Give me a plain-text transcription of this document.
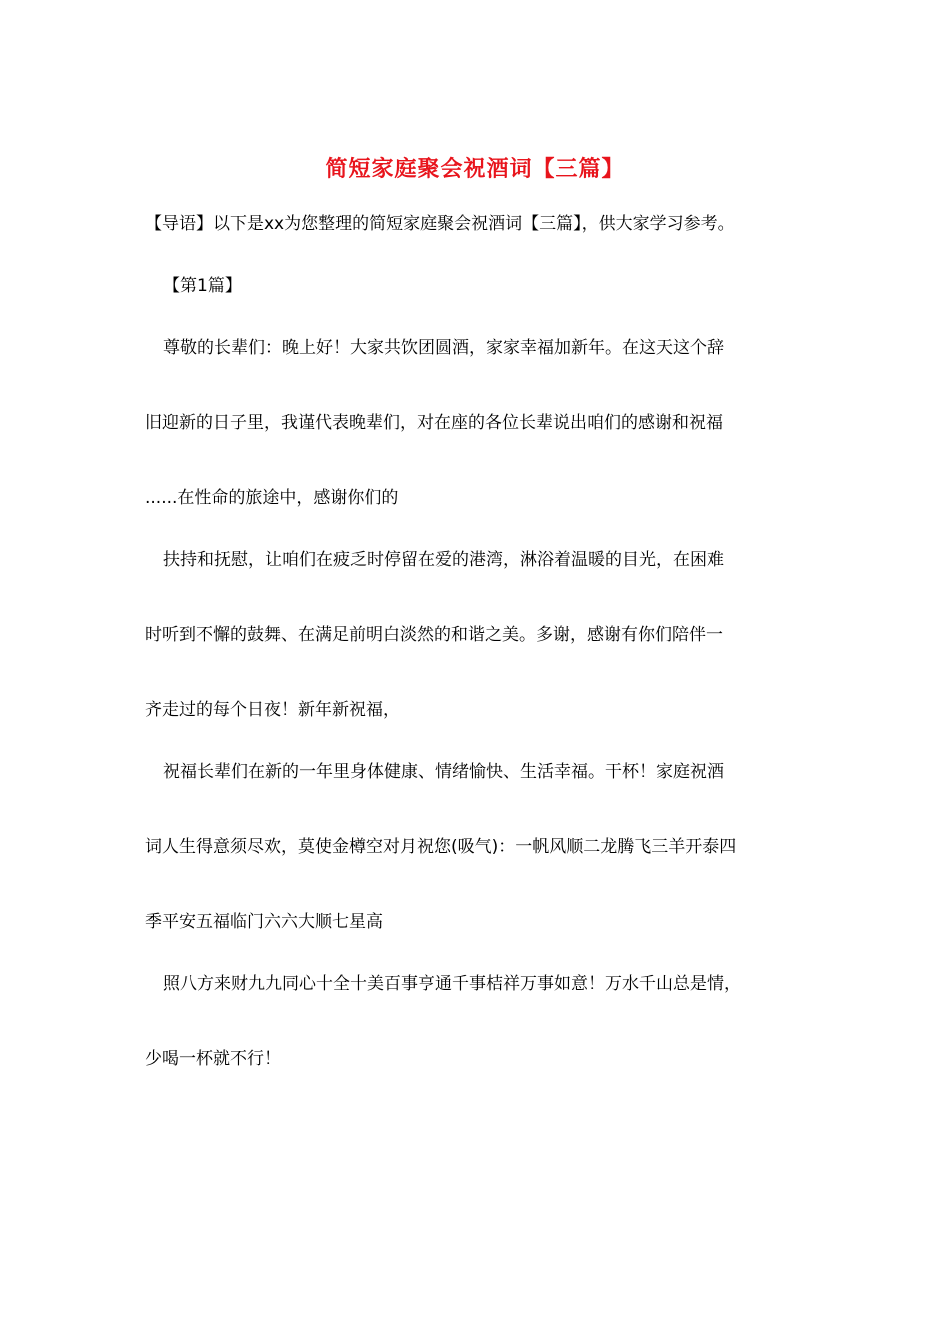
简短家庭聚会祝酒词【三篇】
【导语】以下是xx为您整理的简短家庭聚会祝酒词【三篇】，供大家学习参考。
【第1篇】
尊敬的长辈们：晚上好！大家共饮团圆酒，家家幸福加新年。在这天这个辞
旧迎新的日子里，我谨代表晚辈们，对在座的各位长辈说出咱们的感谢和祝福
......在性命的旅途中，感谢你们的
扶持和抚慰，让咱们在疲乏时停留在爱的港湾，淋浴着温暖的目光，在困难
时听到不懈的鼓舞、在满足前明白淡然的和谐之美。多谢，感谢有你们陪伴一
齐走过的每个日夜！新年新祝福，
祝福长辈们在新的一年里身体健康、情绪愉快、生活幸福。干杯！家庭祝酒
词人生得意须尽欢，莫使金樽空对月祝您(吸气)：一帆风顺二龙腾飞三羊开泰四
季平安五福临门六六大顺七星高
照八方来财九九同心十全十美百事亨通千事桔祥万事如意！万水千山总是情，
少喝一杯就不行！
